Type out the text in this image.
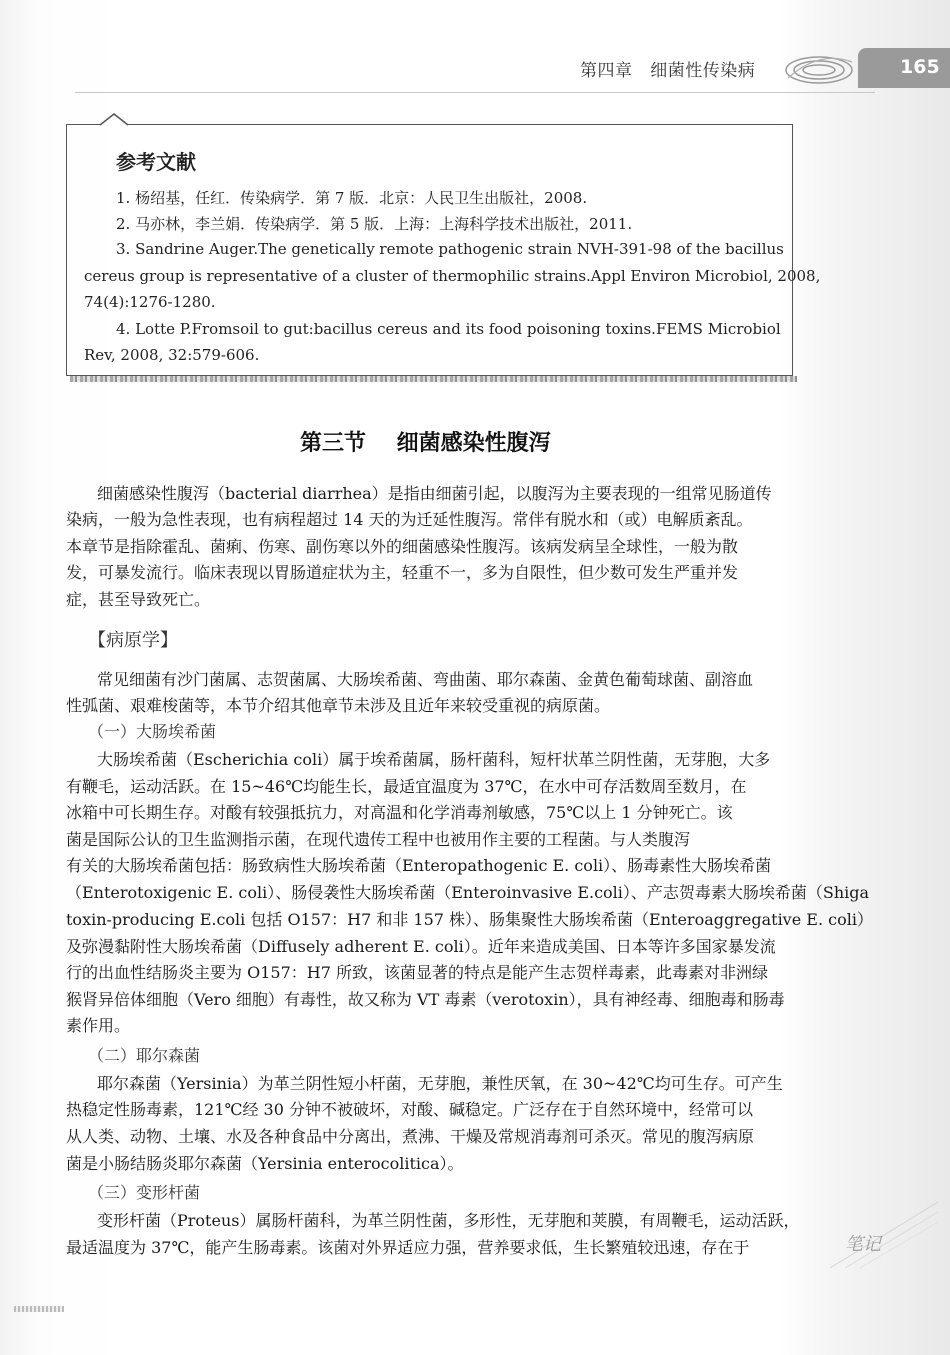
第四章   细菌性传染病	165
参考文献
1. 杨绍基，任红．传染病学．第 7 版．北京：人民卫生出版社，2008.
2. 马亦林，李兰娟．传染病学．第 5 版．上海：上海科学技术出版社，2011.
3. Sandrine Auger.The genetically remote pathogenic strain NVH-391-98 of the bacillus
cereus group is representative of a cluster of thermophilic strains.Appl Environ Microbiol, 2008,
74(4):1276-1280.
4. Lotte P.Fromsoil to gut:bacillus cereus and its food poisoning toxins.FEMS Microbiol
Rev, 2008, 32:579-606.
第三节    细菌感染性腹泻
细菌感染性腹泻（bacterial diarrhea）是指由细菌引起，以腹泻为主要表现的一组常见肠道传
染病，一般为急性表现，也有病程超过 14 天的为迁延性腹泻。常伴有脱水和（或）电解质紊乱。
本章节是指除霍乱、菌痢、伤寒、副伤寒以外的细菌感染性腹泻。该病发病呈全球性，一般为散
发，可暴发流行。临床表现以胃肠道症状为主，轻重不一，多为自限性，但少数可发生严重并发
症，甚至导致死亡。
【病原学】
常见细菌有沙门菌属、志贺菌属、大肠埃希菌、弯曲菌、耶尔森菌、金黄色葡萄球菌、副溶血
性弧菌、艰难梭菌等，本节介绍其他章节未涉及且近年来较受重视的病原菌。
（一）大肠埃希菌
大肠埃希菌（Escherichia coli）属于埃希菌属，肠杆菌科，短杆状革兰阴性菌，无芽胞，大多
有鞭毛，运动活跃。在 15~46℃均能生长，最适宜温度为 37℃，在水中可存活数周至数月，在
冰箱中可长期生存。对酸有较强抵抗力，对高温和化学消毒剂敏感，75℃以上 1 分钟死亡。该
菌是国际公认的卫生监测指示菌，在现代遗传工程中也被用作主要的工程菌。与人类腹泻
有关的大肠埃希菌包括：肠致病性大肠埃希菌（Enteropathogenic E. coli）、肠毒素性大肠埃希菌
（Enterotoxigenic E. coli）、肠侵袭性大肠埃希菌（Enteroinvasive E.coli）、产志贺毒素大肠埃希菌（Shiga
toxin-producing E.coli 包括 O157：H7 和非 157 株）、肠集聚性大肠埃希菌（Enteroaggregative E. coli）
及弥漫黏附性大肠埃希菌（Diffusely adherent E. coli）。近年来造成美国、日本等许多国家暴发流
行的出血性结肠炎主要为 O157：H7 所致，该菌显著的特点是能产生志贺样毒素，此毒素对非洲绿
猴肾异倍体细胞（Vero 细胞）有毒性，故又称为 VT 毒素（verotoxin），具有神经毒、细胞毒和肠毒
素作用。
（二）耶尔森菌
耶尔森菌（Yersinia）为革兰阴性短小杆菌，无芽胞，兼性厌氧，在 30~42℃均可生存。可产生
热稳定性肠毒素，121℃经 30 分钟不被破坏，对酸、碱稳定。广泛存在于自然环境中，经常可以
从人类、动物、土壤、水及各种食品中分离出，煮沸、干燥及常规消毒剂可杀灭。常见的腹泻病原
菌是小肠结肠炎耶尔森菌（Yersinia enterocolitica）。
（三）变形杆菌
变形杆菌（Proteus）属肠杆菌科，为革兰阴性菌，多形性，无芽胞和荚膜，有周鞭毛，运动活跃，
最适温度为 37℃，能产生肠毒素。该菌对外界适应力强，营养要求低，生长繁殖较迅速，存在于	笔记
